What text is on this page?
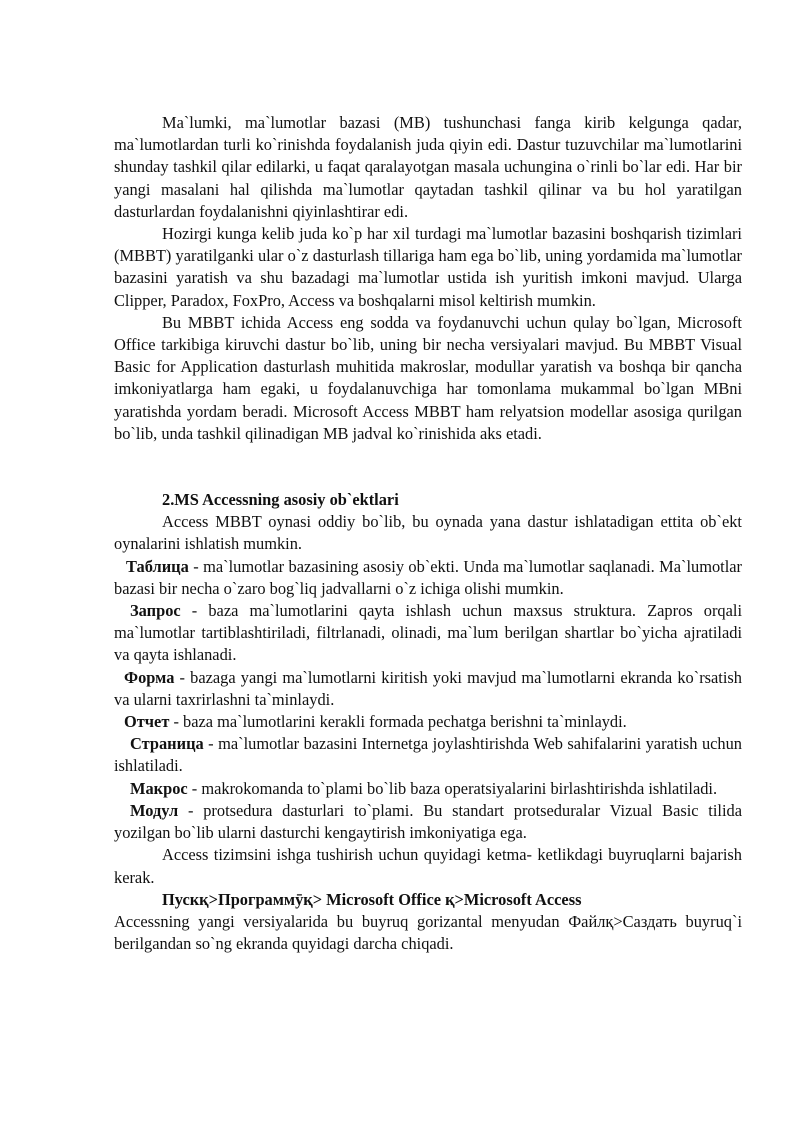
Ma`lumki, ma`lumotlar bazasi (MB) tushunchasi fanga kirib kelgunga qadar, ma`lumotlardan turli ko`rinishda foydalanish juda qiyin edi. Dastur tuzuvchilar ma`lumotlarini shunday tashkil qilar edilarki, u faqat qaralayotgan masala uchungina o`rinli bo`lar edi. Har bir yangi masalani hal qilishda ma`lumotlar qaytadan tashkil qilinar va bu hol yaratilgan dasturlardan foydalanishni qiyinlashtirar edi.

Hozirgi kunga kelib juda ko`p har xil turdagi ma`lumotlar bazasini boshqarish tizimlari (MBBT) yaratilganki ular o`z dasturlash tillariga ham ega bo`lib, uning yordamida ma`lumotlar bazasini yaratish va shu bazadagi ma`lumotlar ustida ish yuritish imkoni mavjud. Ularga Clipper, Paradox, FoxPro, Access va boshqalarni misol keltirish mumkin.

Bu MBBT ichida Access eng sodda va foydanuvchi uchun qulay bo`lgan, Microsoft Office tarkibiga kiruvchi dastur bo`lib, uning bir necha versiyalari mavjud. Bu MBBT Visual Basic for Application dasturlash muhitida makroslar, modullar yaratish va boshqa bir qancha imkoniyatlarga ham egaki, u foydalanuvchiga har tomonlama mukammal bo`lgan MBni yaratishda yordam beradi. Microsoft Access MBBT ham relyatsion modellar asosiga qurilgan bo`lib, unda tashkil qilinadigan MB jadval ko`rinishida aks etadi.

2.MS Accessning asosiy ob`ektlari

Access MBBT oynasi oddiy bo`lib, bu oynada yana dastur ishlatadigan ettita ob`ekt oynalarini ishlatish mumkin.

Таблица - ma`lumotlar bazasining asosiy ob`ekti. Unda ma`lumotlar saqlanadi. Ma`lumotlar bazasi bir necha o`zaro bog`liq jadvallarni o`z ichiga olishi mumkin.

Запрос - baza ma`lumotlarini qayta ishlash uchun maxsus struktura. Zapros orqali ma`lumotlar tartiblashtiriladi, filtrlanadi, olinadi, ma`lum berilgan shartlar bo`yicha ajratiladi va qayta ishlanadi.

Форма - bazaga yangi ma`lumotlarni kiritish yoki mavjud ma`lumotlarni ekranda ko`rsatish va ularni taxrirlashni ta`minlaydi.

Отчет - baza ma`lumotlarini kerakli formada pechatga berishni ta`minlaydi.

Страница - ma`lumotlar bazasini Internetga joylashtirishda Web sahifalarini yaratish uchun ishlatiladi.

Макрос - makrokomanda to`plami bo`lib baza operatsiyalarini birlashtirishda ishlatiladi.

Модул - protsedura dasturlari to`plami. Bu standart protseduralar Vizual Basic tilida yozilgan bo`lib ularni dasturchi kengaytirish imkoniyatiga ega.

Access tizimsini ishga tushirish uchun quyidagi ketma- ketlikdagi buyruqlarni bajarish kerak.

Пускқ>Программӯқ> Microsoft Office қ>Microsoft Access

Accessning yangi versiyalarida bu buyruq gorizantal menyudan Файлқ>Саздать buyruq`i berilgandan so`ng ekranda quyidagi darcha chiqadi.
